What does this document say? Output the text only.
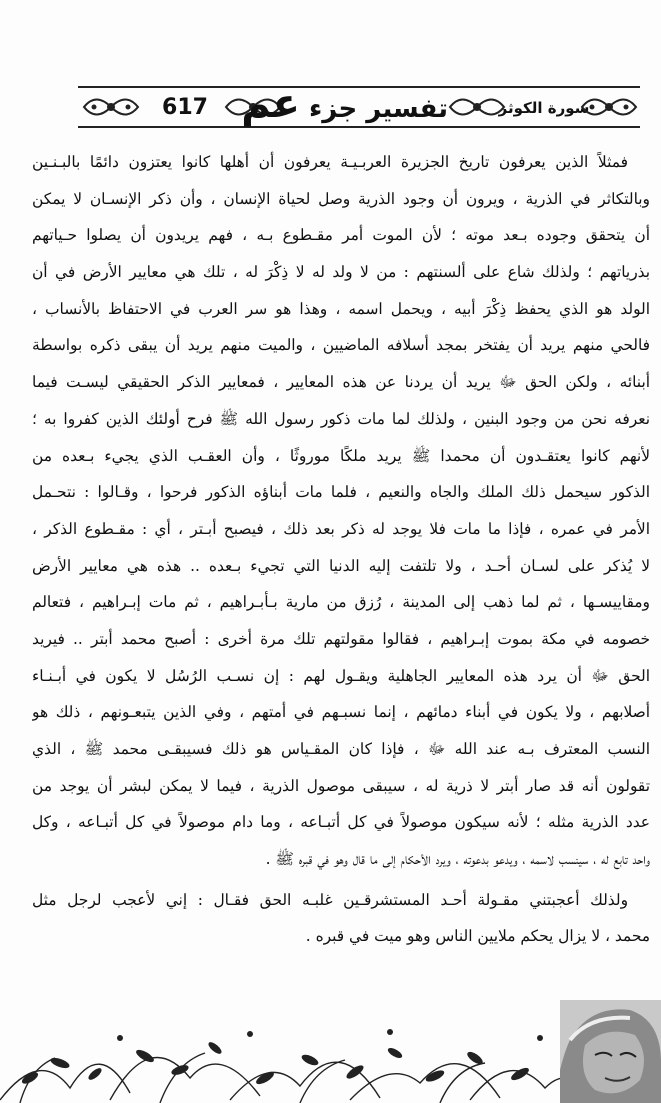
617	تفسير جزء عم	سورة الكوثر
فمثلاً الذين يعرفون تاريخ الجزيرة العربـيـة يعرفون أن أهلها كانوا يعتزون دائمًا بالبـنـين
وبالتكاثر في الذرية ، ويرون أن وجود الذرية وصل لحياة الإنسان ، وأن ذكر الإنسـان لا يمكن
أن يتحقق وجوده بـعد موته ؛ لأن الموت أمر مقـطوع بـه ، فهم يريدون أن يصلوا حـياتهم
بذرياتهم ؛ ولذلك شاع على ألسنتهم : من لا ولد له لا ذِكْرَ له ، تلك هي معايير الأرض في أن
الولد هو الذي يحفظ ذِكْرَ أبيه ، ويحمل اسمه ، وهذا هو سر العرب في الاحتفاظ بالأنساب ،
فالحي منهم يريد أن يفتخر بمجد أسلافه الماضيين ، والميت منهم يريد أن يبقى ذكره بواسطة
أبنائه ، ولكن الحق ﷻ يريد أن يردنا عن هذه المعايير ، فمعايير الذكر الحقيقي ليسـت فيما
نعرفه نحن من وجود البنين ، ولذلك لما مات ذكور رسول الله ﷺ فرح أولئك الذين كفروا به ؛
لأنهم كانوا يعتقـدون أن محمدا ﷺ يريد ملكًا موروثًا ، وأن العقـب الذي يجيء بـعده من
الذكور سيحمل ذلك الملك والجاه والنعيم ، فلما مات أبناؤه الذكور فرحوا ، وقـالوا : نتحـمل
الأمر في عمره ، فإذا ما مات فلا يوجد له ذكر بعد ذلك ، فيصبح أبـتر ، أي : مقـطوع الذكر ،
لا يُذكر على لسـان أحـد ، ولا تلتفت إليه الدنيا التي تجيء بـعده .. هذه هي معايير الأرض
ومقاييسـها ، ثم لما ذهب إلى المدينة ، رُزق من مارية بـأبـراهيم ، ثم مات إبـراهيم ، فتعالم
خصومه في مكة بموت إبـراهيم ، فقالوا مقولتهم تلك مرة أخرى : أصبح محمد أبتر .. فيريد
الحق ﷻ أن يرد هذه المعايير الجاهلية ويقـول لهم : إن نسـب الرُسُل لا يكون في أبـنـاء
أصلابهم ، ولا يكون في أبناء دمائهم ، إنما نسبـهم في أمتهم ، وفي الذين يتبعـونهم ، ذلك هو
النسب المعترف بـه عند الله ﷻ ، فإذا كان المقـياس هو ذلك فسيبقـى محمد ﷺ ، الذي
تقولون أنه قد صار أبتر لا ذرية له ، سيبقى موصول الذرية ، فيما لا يمكن لبشر أن يوجد من
عدد الذرية مثله ؛ لأنه سيكون موصولاً في كل أتبـاعه ، وما دام موصولاً في كل أتبـاعه ، وكل
واحد تابع له ، سينسب لاسمه ، ويدعو بدعوته ، ويرد الأحكام إلى ما قال وهو في قبره ﷺ .
ولذلك أعجبتني مقـولة أحـد المستشرقـين غلبـه الحق فقـال : إني لأعجب لرجل مثل
محمد ، لا يزال يحكم ملايين الناس وهو ميت في قبره .
